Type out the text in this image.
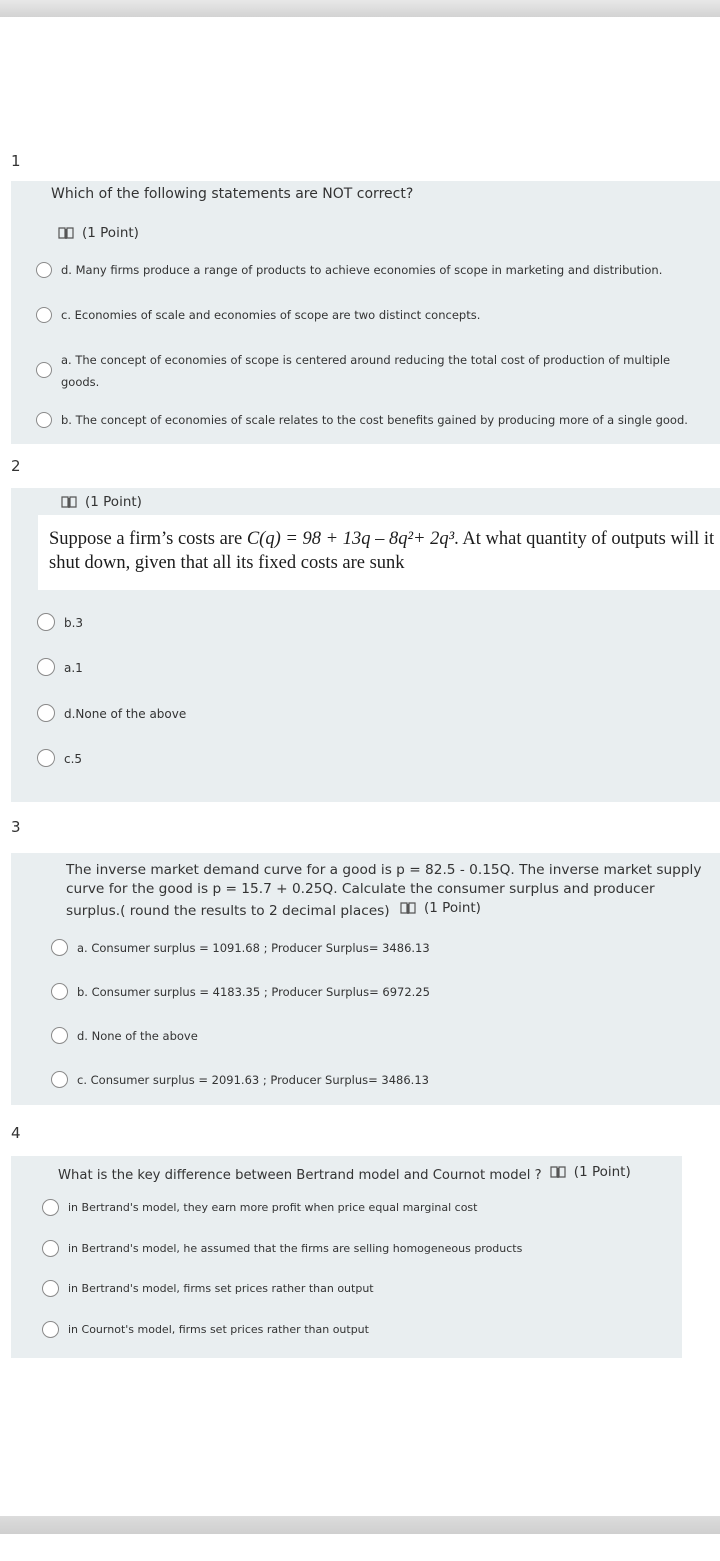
1
Which of the following statements are NOT correct?
(1 Point)
d. Many firms produce a range of products to achieve economies of scope in marketing and distribution.
c. Economies of scale and economies of scope are two distinct concepts.
a. The concept of economies of scope is centered around reducing the total cost of production of multiple goods.
b. The concept of economies of scale relates to the cost benefits gained by producing more of a single good.
2
(1 Point)
Suppose a firm’s costs are C(q) = 98 + 13q – 8q²+ 2q³. At what quantity of outputs will it shut down, given that all its fixed costs are sunk
b.3
a.1
d.None of the above
c.5
3
The inverse market demand curve for a good is p = 82.5 - 0.15Q. The inverse market supply curve for the good is p = 15.7 + 0.25Q. Calculate the consumer surplus and producer surplus.( round the results to 2 decimal places)	(1 Point)
a. Consumer surplus = 1091.68 ; Producer Surplus= 3486.13
b. Consumer surplus = 4183.35 ; Producer Surplus= 6972.25
d. None of the above
c. Consumer surplus = 2091.63 ; Producer Surplus= 3486.13
4
What is the key difference between Bertrand model and Cournot model ? (1 Point)
in Bertrand's model, they earn more profit when price equal marginal cost
in Bertrand's model, he assumed that the firms are selling homogeneous products
in Bertrand's model, firms set prices rather than output
in Cournot's model, firms set prices rather than output
